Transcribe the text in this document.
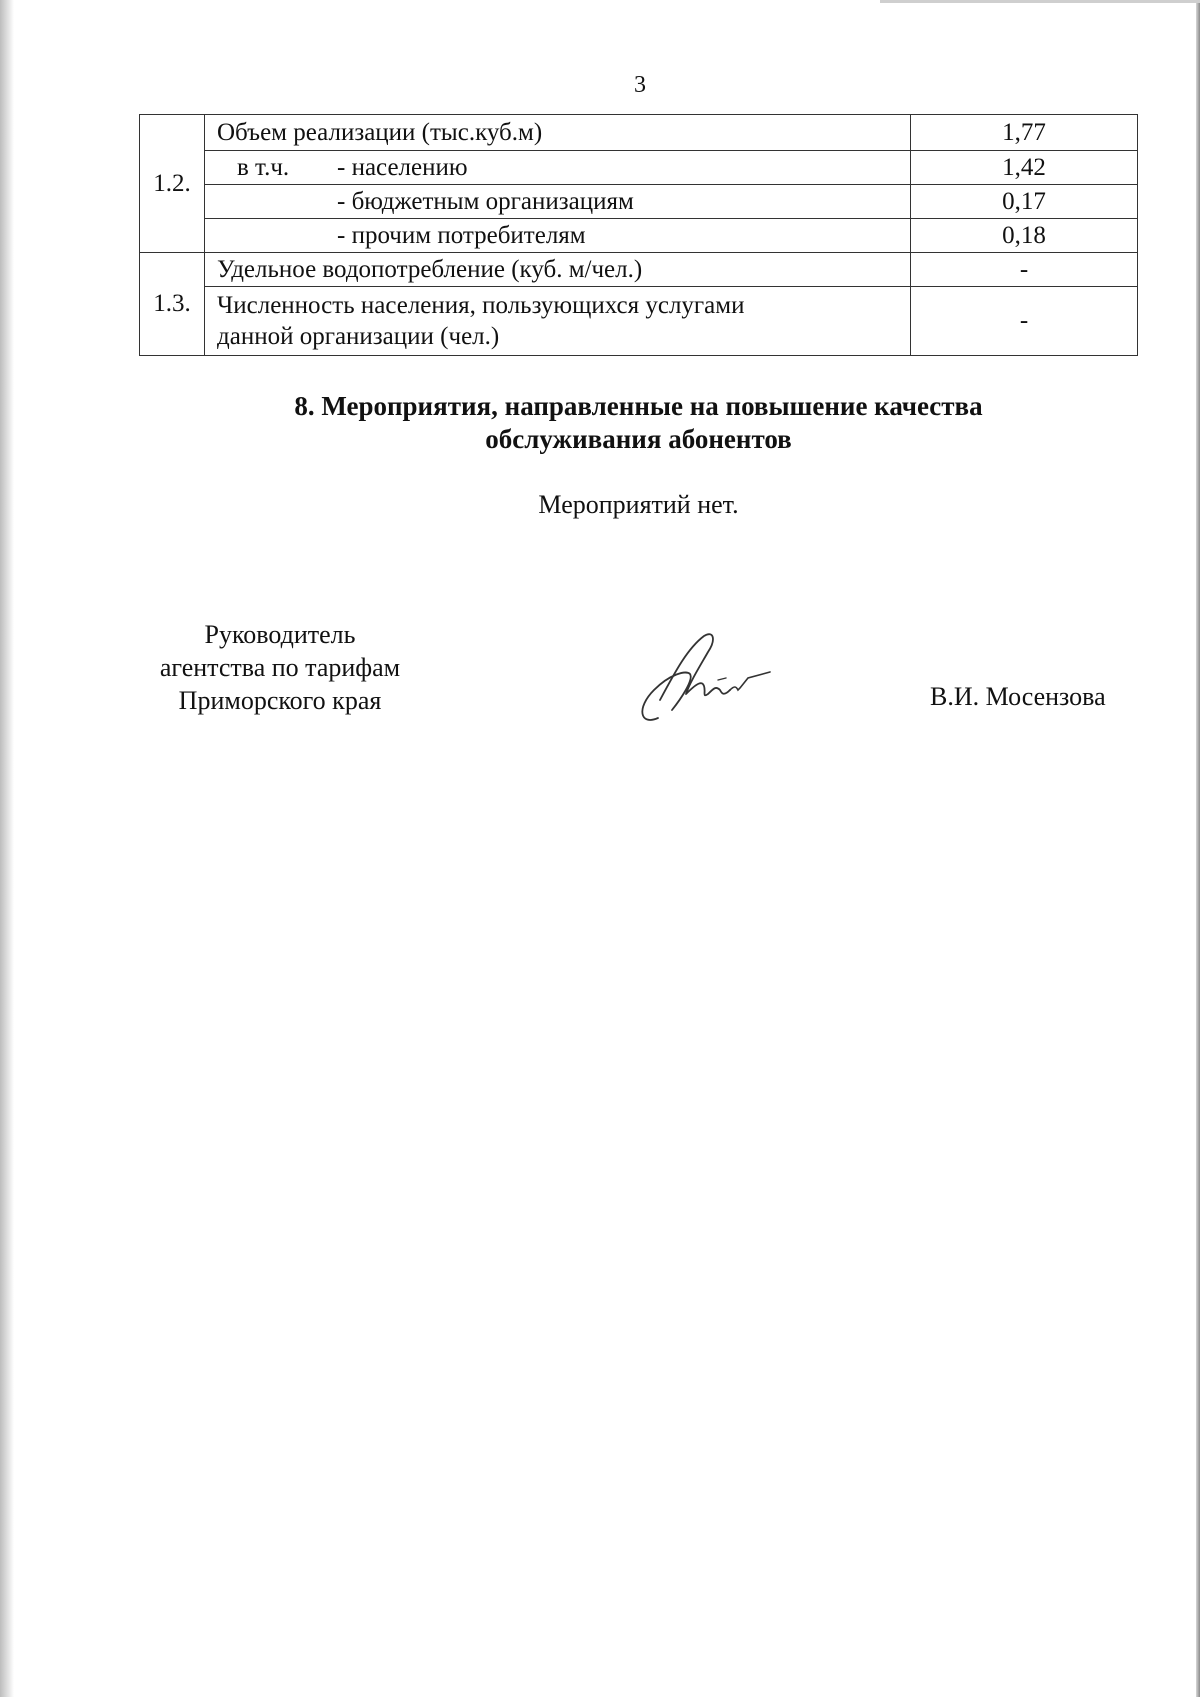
3
1.2.	Объем реализации (тыс.куб.м)	1,77
	в т.ч. - населению	1,42
	- бюджетным организациям	0,17
	- прочим потребителям	0,18
1.3.	Удельное водопотребление (куб. м/чел.)	-

	Численность населения, пользующихся услугами
данной организации (чел.)	-
8. Мероприятия, направленные на повышение качества
обслуживания абонентов
Мероприятий нет.
Руководитель
агентства по тарифам
Приморского края	В.И. Мосензова
